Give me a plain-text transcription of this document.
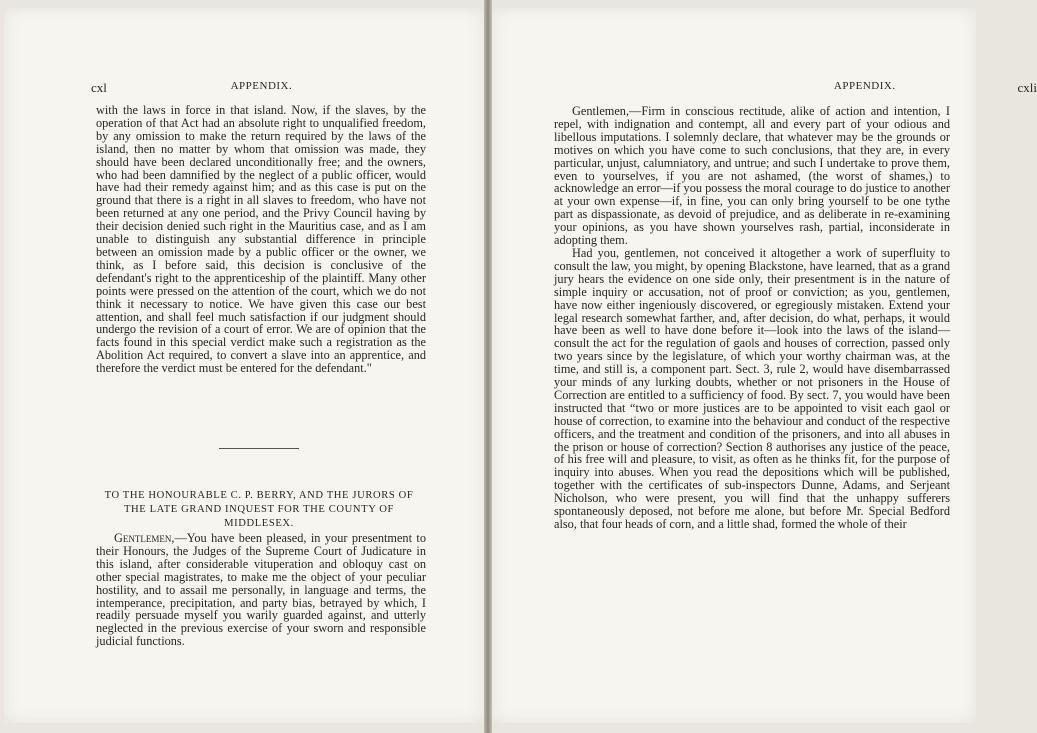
cxl	APPENDIX.

with the laws in force in that island. Now, if the slaves, by the operation of that Act had an absolute right to unqualified freedom, by any omission to make the return required by the laws of the island, then no matter by whom that omission was made, they should have been declared unconditionally free; and the owners, who had been damnified by the neglect of a public officer, would have had their remedy against him; and as this case is put on the ground that there is a right in all slaves to freedom, who have not been returned at any one period, and the Privy Council having by their decision denied such right in the Mauritius case, and as I am unable to distinguish any substantial difference in principle between an omission made by a public officer or the owner, we think, as I before said, this decision is conclusive of the defendant's right to the apprenticeship of the plaintiff. Many other points were pressed on the attention of the court, which we do not think it necessary to notice. We have given this case our best attention, and shall feel much satisfaction if our judgment should undergo the revision of a court of error. We are of opinion that the facts found in this special verdict make such a registration as the Abolition Act required, to convert a slave into an apprentice, and therefore the verdict must be entered for the defendant."

TO THE HONOURABLE C. P. BERRY, AND THE JURORS OF
THE LATE GRAND INQUEST FOR THE COUNTY OF
MIDDLESEX.

Gentlemen,—You have been pleased, in your presentment to their Honours, the Judges of the Supreme Court of Judicature in this island, after considerable vituperation and obloquy cast on other special magistrates, to make me the object of your peculiar hostility, and to assail me personally, in language and terms, the intemperance, precipitation, and party bias, betrayed by which, I readily persuade myself you warily guarded against, and utterly neglected in the previous exercise of your sworn and responsible judicial functions.

APPENDIX.	cxli

Gentlemen,—Firm in conscious rectitude, alike of action and intention, I repel, with indignation and contempt, all and every part of your odious and libellous imputations. I solemnly declare, that whatever may be the grounds or motives on which you have come to such conclusions, that they are, in every particular, unjust, calumniatory, and untrue; and such I undertake to prove them, even to yourselves, if you are not ashamed, (the worst of shames,) to acknowledge an error—if you possess the moral courage to do justice to another at your own expense—if, in fine, you can only bring yourself to be one tythe part as dispassionate, as devoid of prejudice, and as deliberate in re-examining your opinions, as you have shown yourselves rash, partial, inconsiderate in adopting them.

Had you, gentlemen, not conceived it altogether a work of superfluity to consult the law, you might, by opening Blackstone, have learned, that as a grand jury hears the evidence on one side only, their presentment is in the nature of simple inquiry or accusation, not of proof or conviction; as you, gentlemen, have now either ingeniously discovered, or egregiously mistaken. Extend your legal research somewhat farther, and, after decision, do what, perhaps, it would have been as well to have done before it—look into the laws of the island—consult the act for the regulation of gaols and houses of correction, passed only two years since by the legislature, of which your worthy chairman was, at the time, and still is, a component part. Sect. 3, rule 2, would have disembarrassed your minds of any lurking doubts, whether or not prisoners in the House of Correction are entitled to a sufficiency of food. By sect. 7, you would have been instructed that “two or more justices are to be appointed to visit each gaol or house of correction, to examine into the behaviour and conduct of the respective officers, and the treatment and condition of the prisoners, and into all abuses in the prison or house of correction? Section 8 authorises any justice of the peace, of his free will and pleasure, to visit, as often as he thinks fit, for the purpose of inquiry into abuses. When you read the depositions which will be published, together with the certificates of sub-inspectors Dunne, Adams, and Serjeant Nicholson, who were present, you will find that the unhappy sufferers spontaneously deposed, not before me alone, but before Mr. Special Bedford also, that four heads of corn, and a little shad, formed the whole of their
